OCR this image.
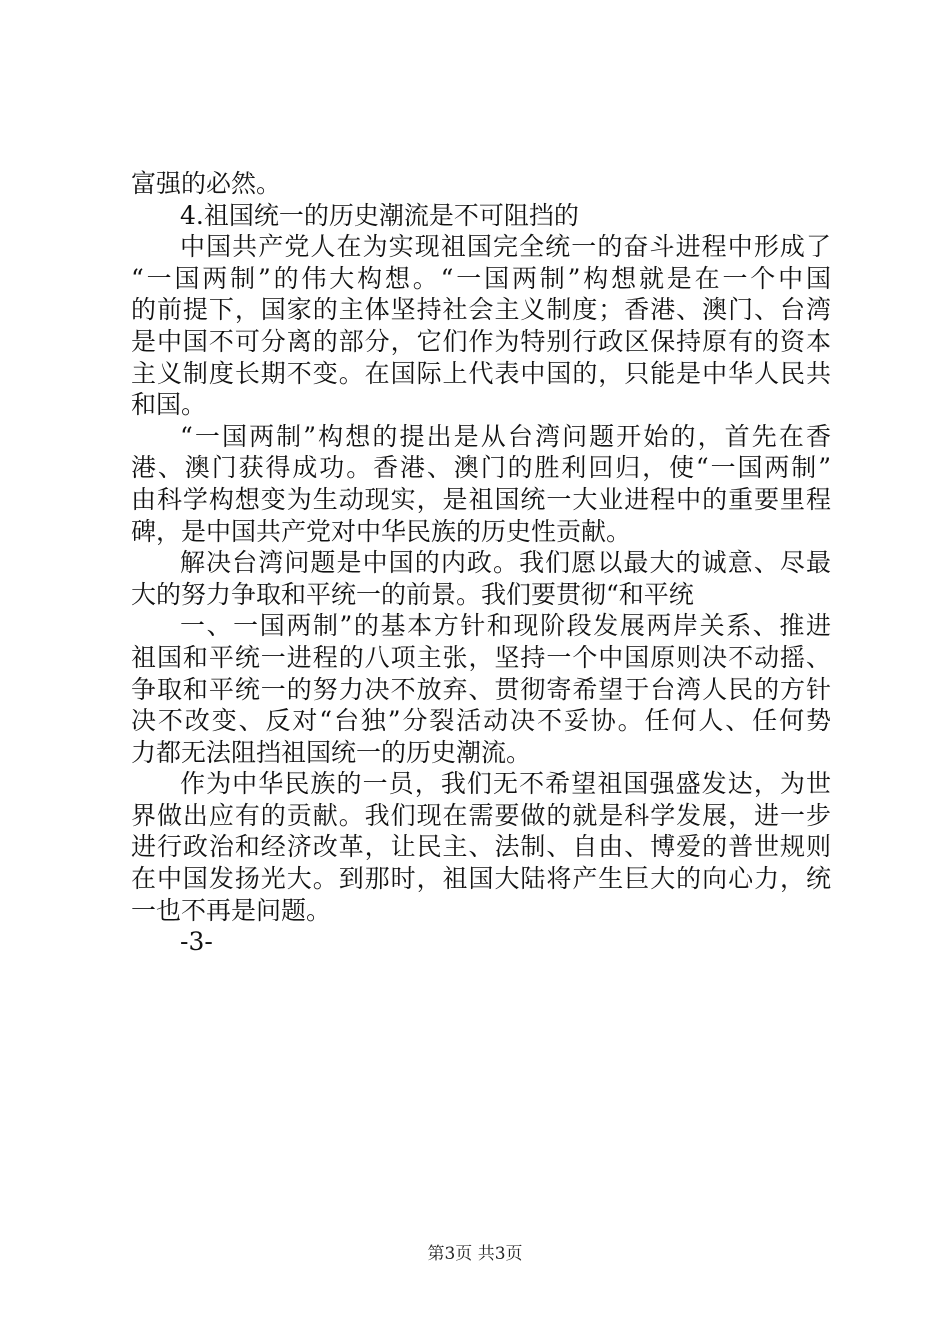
富强的必然。
4.祖国统一的历史潮流是不可阻挡的
中国共产党人在为实现祖国完全统一的奋斗进程中形成了
“一国两制”的伟大构想。“一国两制”构想就是在一个中国
的前提下，国家的主体坚持社会主义制度；香港、澳门、台湾
是中国不可分离的部分，它们作为特别行政区保持原有的资本
主义制度长期不变。在国际上代表中国的，只能是中华人民共
和国。
“一国两制”构想的提出是从台湾问题开始的，首先在香
港、澳门获得成功。香港、澳门的胜利回归，使“一国两制”
由科学构想变为生动现实，是祖国统一大业进程中的重要里程
碑，是中国共产党对中华民族的历史性贡献。
解决台湾问题是中国的内政。我们愿以最大的诚意、尽最
大的努力争取和平统一的前景。我们要贯彻“和平统
一、一国两制”的基本方针和现阶段发展两岸关系、推进
祖国和平统一进程的八项主张，坚持一个中国原则决不动摇、
争取和平统一的努力决不放弃、贯彻寄希望于台湾人民的方针
决不改变、反对“台独”分裂活动决不妥协。任何人、任何势
力都无法阻挡祖国统一的历史潮流。
作为中华民族的一员，我们无不希望祖国强盛发达，为世
界做出应有的贡献。我们现在需要做的就是科学发展，进一步
进行政治和经济改革，让民主、法制、自由、博爱的普世规则
在中国发扬光大。到那时，祖国大陆将产生巨大的向心力，统
一也不再是问题。
-3-
第3页 共3页
